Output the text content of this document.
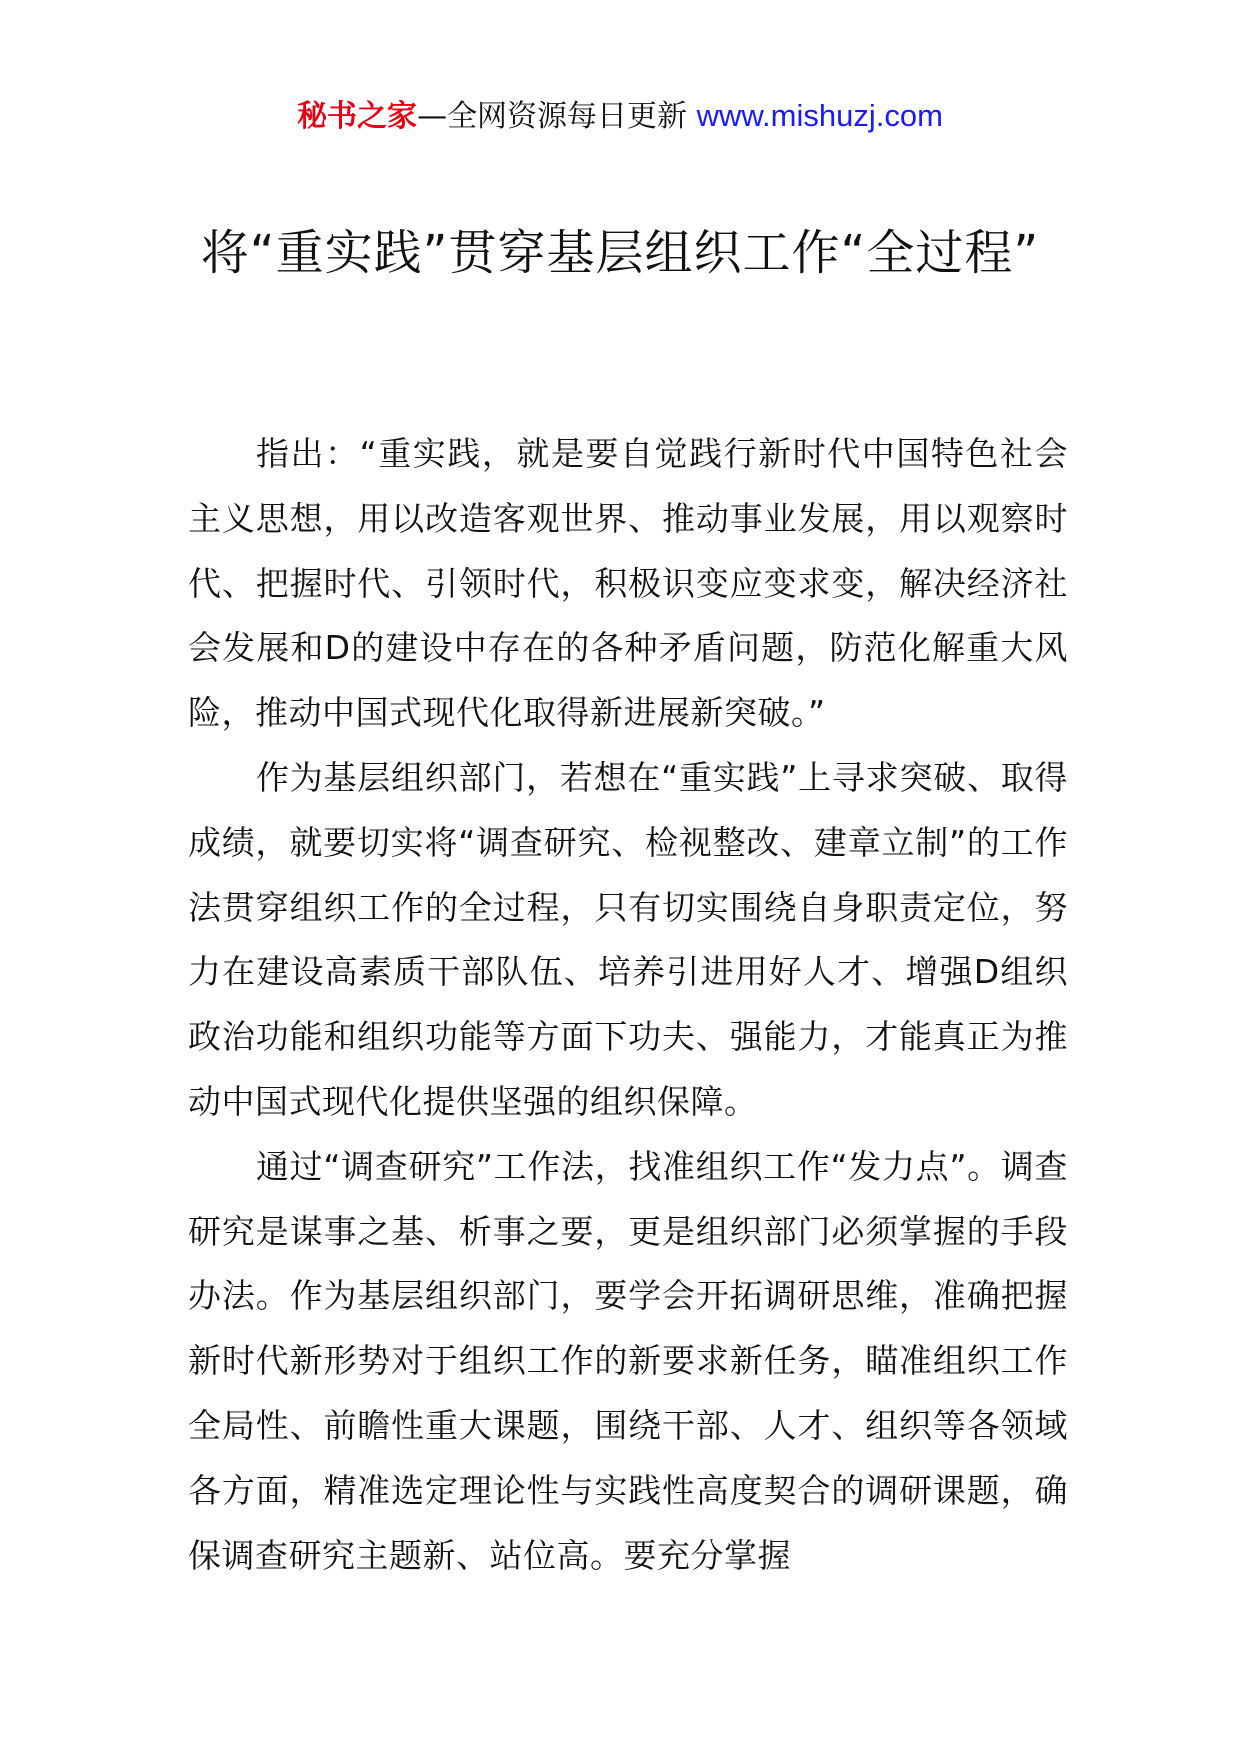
秘书之家—全网资源每日更新 www.mishuzj.com
将“重实践”贯穿基层组织工作“全过程”

指出：“重实践，就是要自觉践行新时代中国特色社会主义思想，用以改造客观世界、推动事业发展，用以观察时代、把握时代、引领时代，积极识变应变求变，解决经济社会发展和D的建设中存在的各种矛盾问题，防范化解重大风险，推动中国式现代化取得新进展新突破。”

作为基层组织部门，若想在“重实践”上寻求突破、取得成绩，就要切实将“调查研究、检视整改、建章立制”的工作法贯穿组织工作的全过程，只有切实围绕自身职责定位，努力在建设高素质干部队伍、培养引进用好人才、增强D组织政治功能和组织功能等方面下功夫、强能力，才能真正为推动中国式现代化提供坚强的组织保障。

通过“调查研究”工作法，找准组织工作“发力点”。调查研究是谋事之基、析事之要，更是组织部门必须掌握的手段办法。作为基层组织部门，要学会开拓调研思维，准确把握新时代新形势对于组织工作的新要求新任务，瞄准组织工作全局性、前瞻性重大课题，围绕干部、人才、组织等各领域各方面，精准选定理论性与实践性高度契合的调研课题，确保调查研究主题新、站位高。要充分掌握
